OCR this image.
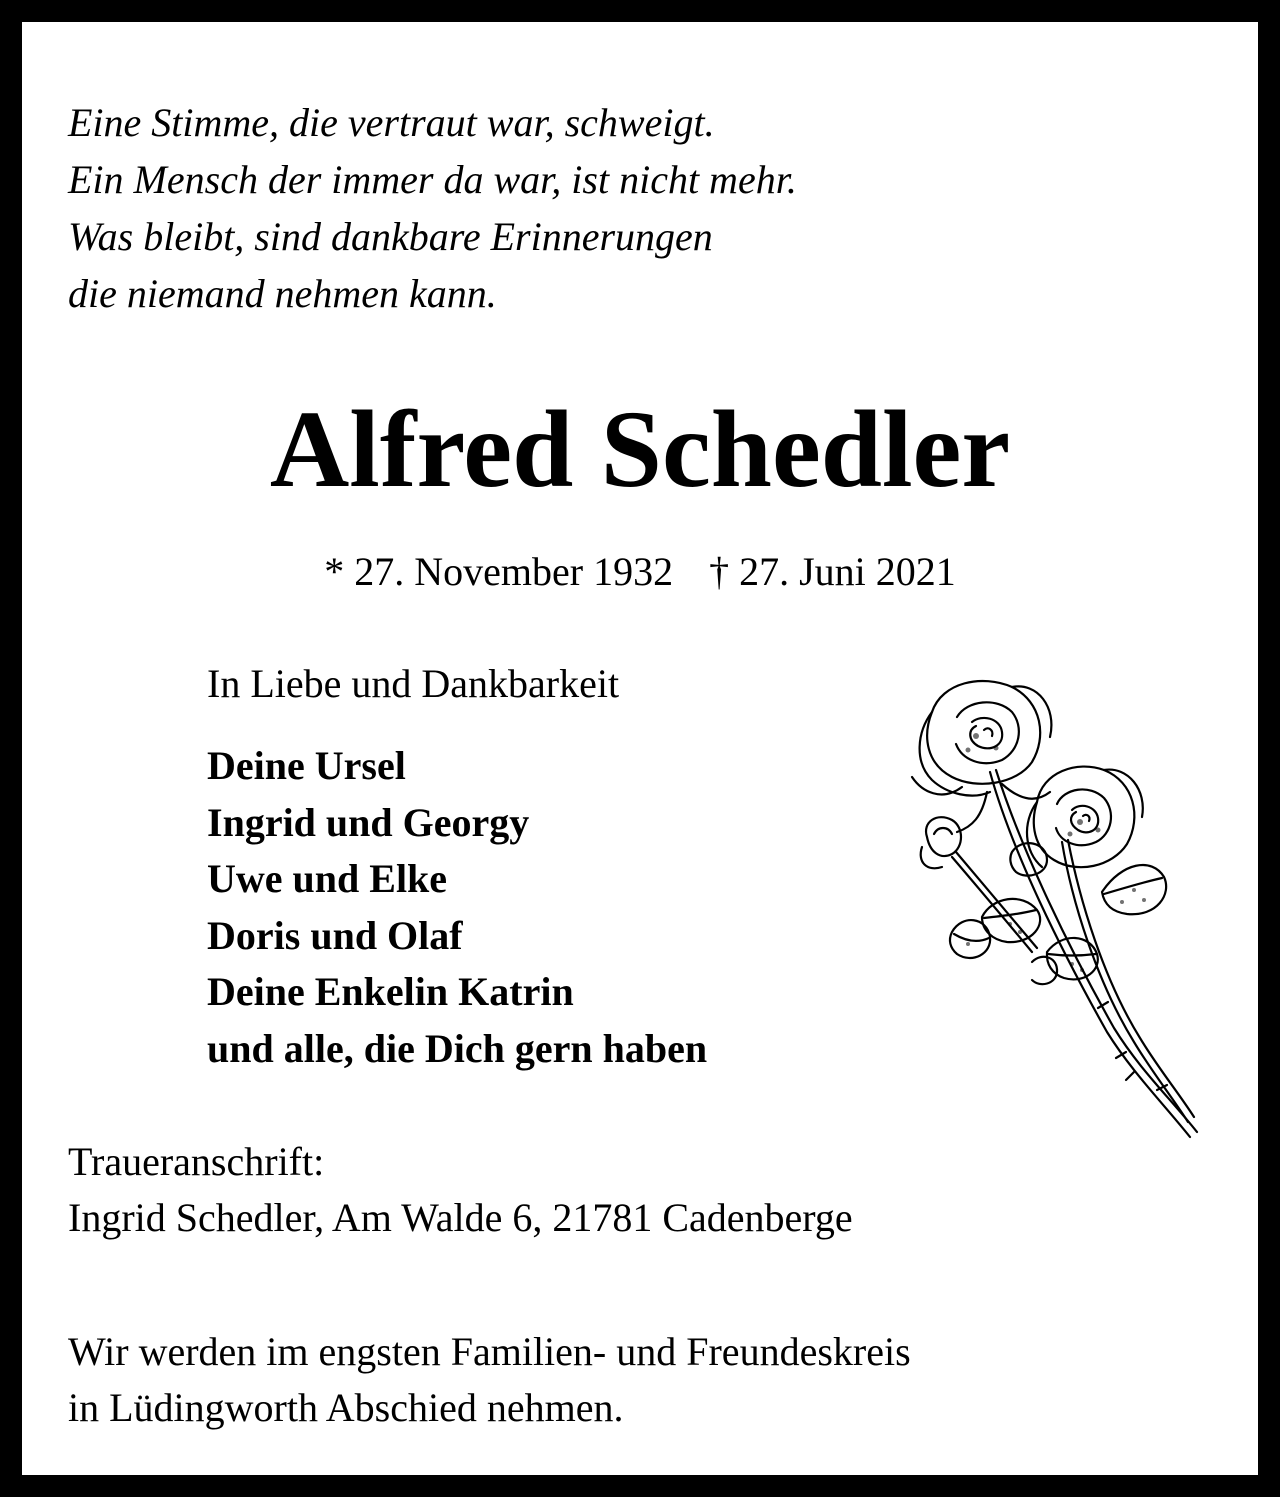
Eine Stimme, die vertraut war, schweigt.
Ein Mensch der immer da war, ist nicht mehr.
Was bleibt, sind dankbare Erinnerungen
die niemand nehmen kann.
Alfred Schedler
* 27. November 1932 † 27. Juni 2021
In Liebe und Dankbarkeit
Deine Ursel
Ingrid und Georgy
Uwe und Elke
Doris und Olaf
Deine Enkelin Katrin
und alle, die Dich gern haben
Traueranschrift:
Ingrid Schedler, Am Walde 6, 21781 Cadenberge
Wir werden im engsten Familien- und Freundeskreis
in Lüdingworth Abschied nehmen.
